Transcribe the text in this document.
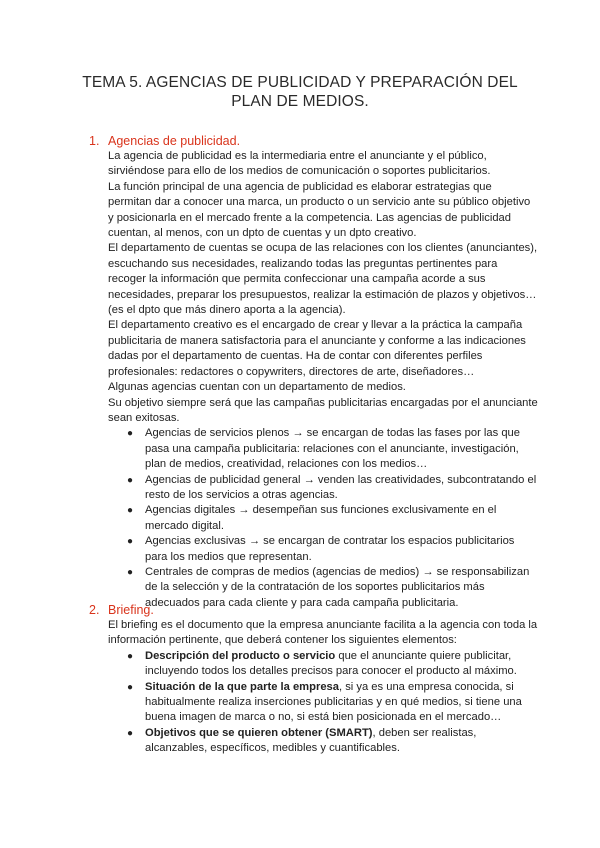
TEMA 5. AGENCIAS DE PUBLICIDAD Y PREPARACIÓN DEL
PLAN DE MEDIOS.
1. Agencias de publicidad.

La agencia de publicidad es la intermediaria entre el anunciante y el público, sirviéndose para ello de los medios de comunicación o soportes publicitarios.

La función principal de una agencia de publicidad es elaborar estrategias que permitan dar a conocer una marca, un producto o un servicio ante su público objetivo y posicionarla en el mercado frente a la competencia. Las agencias de publicidad cuentan, al menos, con un dpto de cuentas y un dpto creativo.

El departamento de cuentas se ocupa de las relaciones con los clientes (anunciantes), escuchando sus necesidades, realizando todas las preguntas pertinentes para recoger la información que permita confeccionar una campaña acorde a sus necesidades, preparar los presupuestos, realizar la estimación de plazos y objetivos… (es el dpto que más dinero aporta a la agencia).

El departamento creativo es el encargado de crear y llevar a la práctica la campaña publicitaria de manera satisfactoria para el anunciante y conforme a las indicaciones dadas por el departamento de cuentas. Ha de contar con diferentes perfiles profesionales: redactores o copywriters, directores de arte, diseñadores…

Algunas agencias cuentan con un departamento de medios.

Su objetivo siempre será que las campañas publicitarias encargadas por el anunciante sean exitosas.

● Agencias de servicios plenos → se encargan de todas las fases por las que pasa una campaña publicitaria: relaciones con el anunciante, investigación, plan de medios, creatividad, relaciones con los medios…
● Agencias de publicidad general → venden las creatividades, subcontratando el resto de los servicios a otras agencias.
● Agencias digitales → desempeñan sus funciones exclusivamente en el mercado digital.
● Agencias exclusivas → se encargan de contratar los espacios publicitarios para los medios que representan.
● Centrales de compras de medios (agencias de medios) → se responsabilizan de la selección y de la contratación de los soportes publicitarios más adecuados para cada cliente y para cada campaña publicitaria.
2. Briefing.

El briefing es el documento que la empresa anunciante facilita a la agencia con toda la información pertinente, que deberá contener los siguientes elementos:

● Descripción del producto o servicio que el anunciante quiere publicitar, incluyendo todos los detalles precisos para conocer el producto al máximo.
● Situación de la que parte la empresa, si ya es una empresa conocida, si habitualmente realiza inserciones publicitarias y en qué medios, si tiene una buena imagen de marca o no, si está bien posicionada en el mercado…
● Objetivos que se quieren obtener (SMART), deben ser realistas, alcanzables, específicos, medibles y cuantificables.
